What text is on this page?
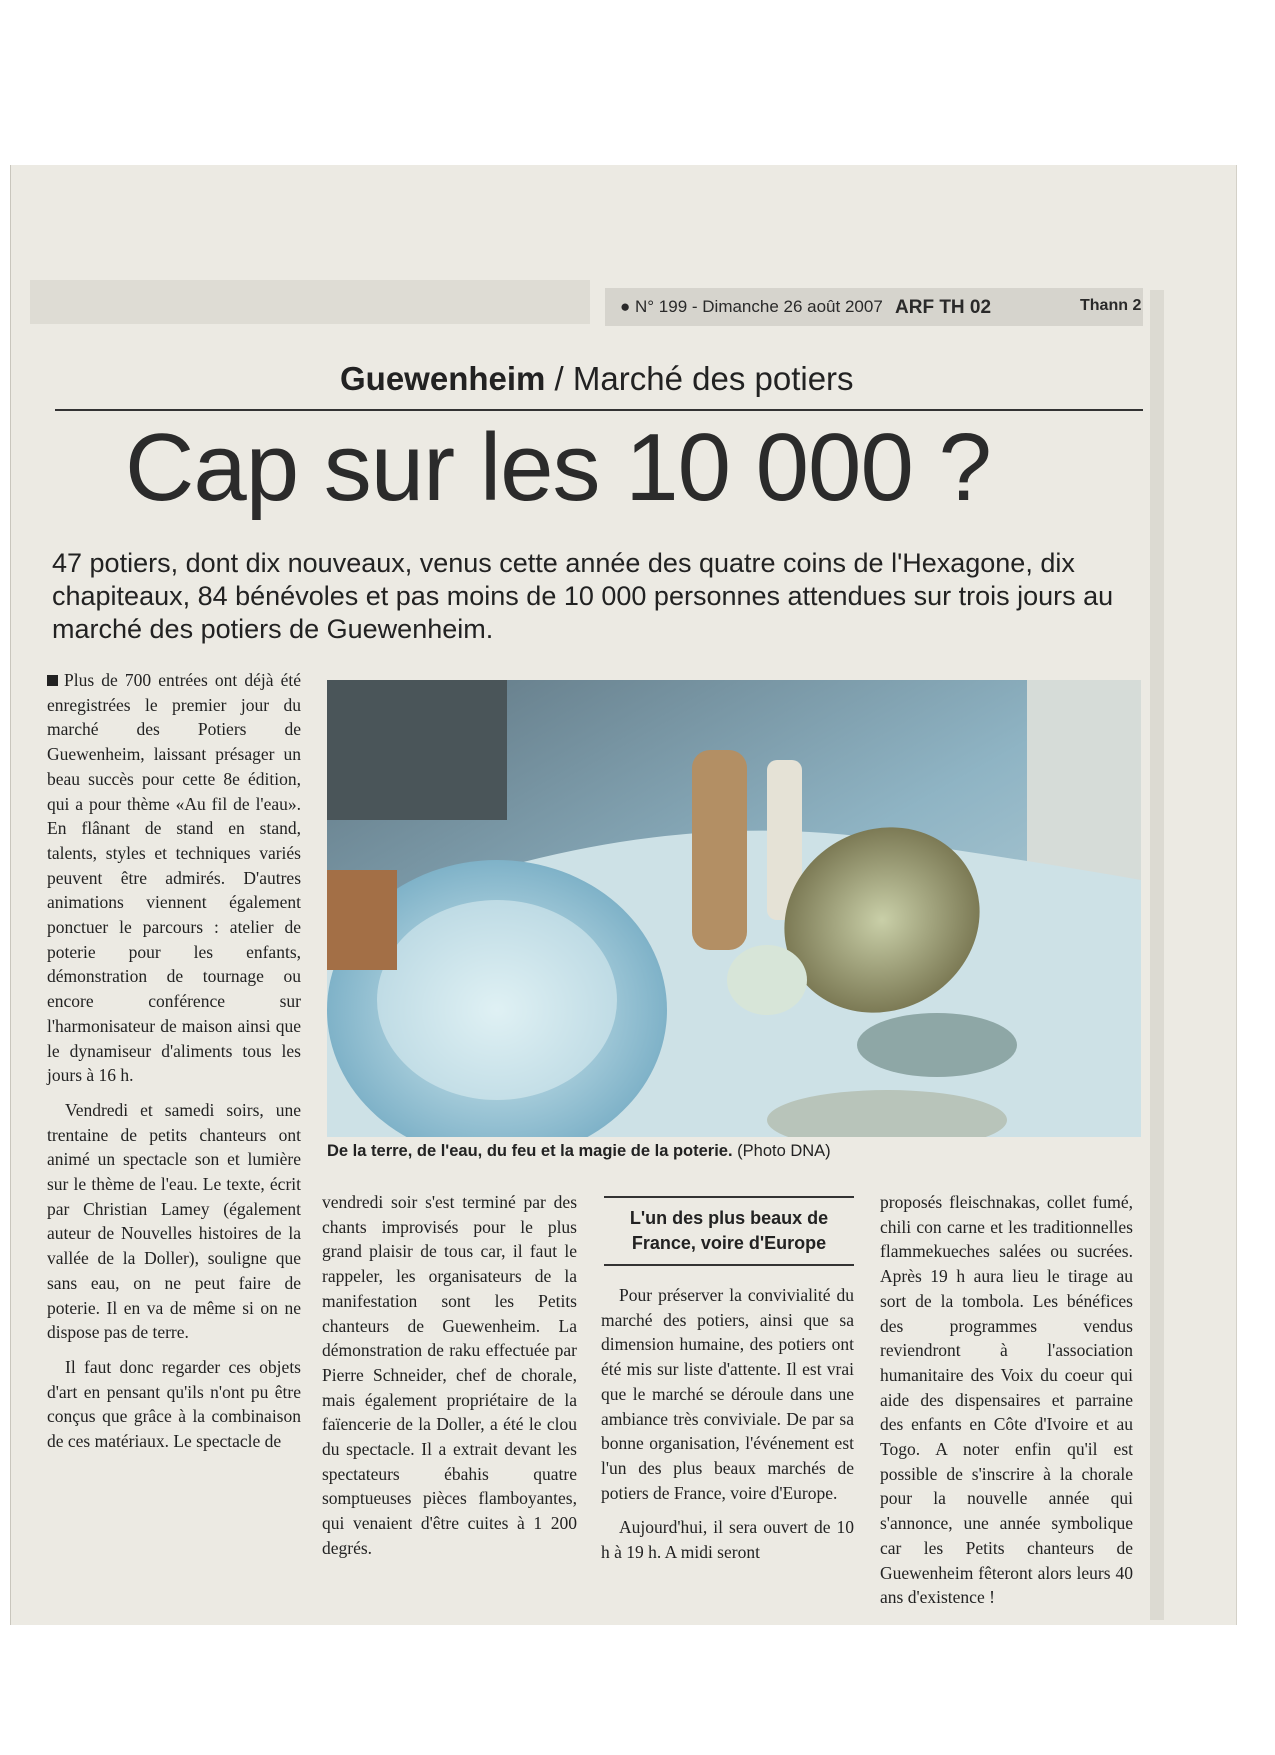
● N° 199 - Dimanche 26 août 2007 ARF TH 02	Thann 2
Guewenheim / Marché des potiers
Cap sur les 10 000 ?
47 potiers, dont dix nouveaux, venus cette année des quatre coins de l'Hexagone, dix chapiteaux, 84 bénévoles et pas moins de 10 000 personnes attendues sur trois jours au marché des potiers de Guewenheim.

Plus de 700 entrées ont déjà été enregistrées le premier jour du marché des Potiers de Guewenheim, laissant présager un beau succès pour cette 8e édition, qui a pour thème «Au fil de l'eau». En flânant de stand en stand, talents, styles et techniques variés peuvent être admirés. D'autres animations viennent également ponctuer le parcours : atelier de poterie pour les enfants, démonstration de tournage ou encore conférence sur l'harmonisateur de maison ainsi que le dynamiseur d'aliments tous les jours à 16 h.

Vendredi et samedi soirs, une trentaine de petits chanteurs ont animé un spectacle son et lumière sur le thème de l'eau. Le texte, écrit par Christian Lamey (également auteur de Nouvelles histoires de la vallée de la Doller), souligne que sans eau, on ne peut faire de poterie. Il en va de même si on ne dispose pas de terre.

Il faut donc regarder ces objets d'art en pensant qu'ils n'ont pu être conçus que grâce à la combinaison de ces matériaux. Le spectacle de

De la terre, de l'eau, du feu et la magie de la poterie. (Photo DNA)

vendredi soir s'est terminé par des chants improvisés pour le plus grand plaisir de tous car, il faut le rappeler, les organisateurs de la manifestation sont les Petits chanteurs de Guewenheim. La démonstration de raku effectuée par Pierre Schneider, chef de chorale, mais également propriétaire de la faïencerie de la Doller, a été le clou du spectacle. Il a extrait devant les spectateurs ébahis quatre somptueuses pièces flamboyantes, qui venaient d'être cuites à 1 200 degrés.

L'un des plus beaux de France, voire d'Europe

Pour préserver la convivialité du marché des potiers, ainsi que sa dimension humaine, des potiers ont été mis sur liste d'attente. Il est vrai que le marché se déroule dans une ambiance très conviviale. De par sa bonne organisation, l'événement est l'un des plus beaux marchés de potiers de France, voire d'Europe.

Aujourd'hui, il sera ouvert de 10 h à 19 h. A midi seront

proposés fleischnakas, collet fumé, chili con carne et les traditionnelles flammekueches salées ou sucrées. Après 19 h aura lieu le tirage au sort de la tombola. Les bénéfices des programmes vendus reviendront à l'association humanitaire des Voix du coeur qui aide des dispensaires et parraine des enfants en Côte d'Ivoire et au Togo. A noter enfin qu'il est possible de s'inscrire à la chorale pour la nouvelle année qui s'annonce, une année symbolique car les Petits chanteurs de Guewenheim fêteront alors leurs 40 ans d'existence !
